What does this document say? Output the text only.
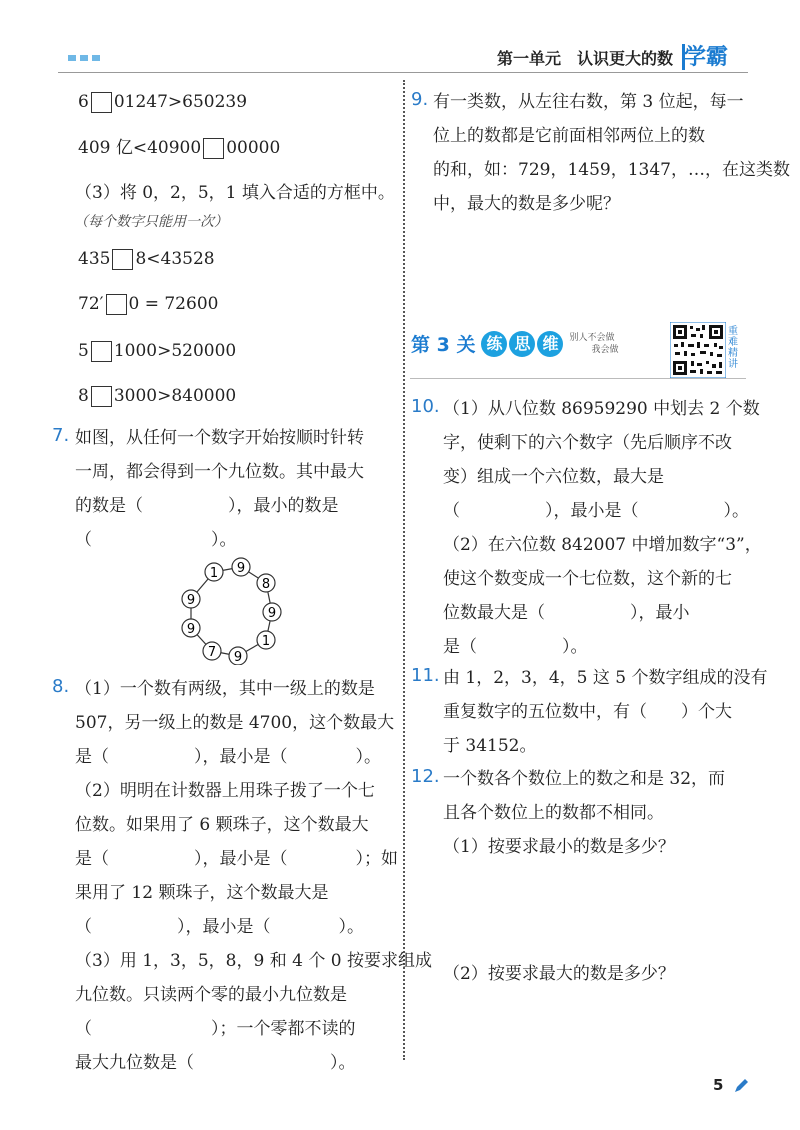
第一单元　认识更大的数 学霸
6 01247>650239
409 亿<40900 00000
（3）将 0，2，5，1 填入合适的方框中。
（每个数字只能用一次）
435 8<43528
72′ 0 = 72600
5 1000>520000
8 3000>840000
7. 如图，从任何一个数字开始按顺时针转
一周，都会得到一个九位数。其中最大
的数是（　　　　　），最小的数是
（　　　　　　　）。
1 9
8
9
1
9
7
9
9
8. （1）一个数有两级，其中一级上的数是
507，另一级上的数是 4700，这个数最大
是（　　　　　），最小是（　　　　）。
（2）明明在计数器上用珠子拨了一个七
位数。如果用了 6 颗珠子，这个数最大
是（　　　　　），最小是（　　　　）；如
果用了 12 颗珠子，这个数最大是
（　　　　　），最小是（　　　　）。
（3）用 1，3，5，8，9 和 4 个 0 按要求组成
九位数。只读两个零的最小九位数是
（　　　　　　　）；一个零都不读的
最大九位数是（　　　　　　　　）。
9. 有一类数，从左往右数，第 3 位起，每一
位上的数都是它前面相邻两位上的数
的和，如：729，1459，1347，…，在这类数
中，最大的数是多少呢？
第 3 关 练 思 维	别人不会做
我会做
重难精讲
10. （1）从八位数 86959290 中划去 2 个数
字，使剩下的六个数字（先后顺序不改
变）组成一个六位数，最大是
（　　　　　），最小是（　　　　　）。
（2）在六位数 842007 中增加数字“3”，
使这个数变成一个七位数，这个新的七
位数最大是（　　　　　），最小
是（　　　　　）。
11. 由 1，2，3，4，5 这 5 个数字组成的没有
重复数字的五位数中，有（　　）个大
于 34152。
12. 一个数各个数位上的数之和是 32，而
且各个数位上的数都不相同。
（1）按要求最小的数是多少？
（2）按要求最大的数是多少？
5
